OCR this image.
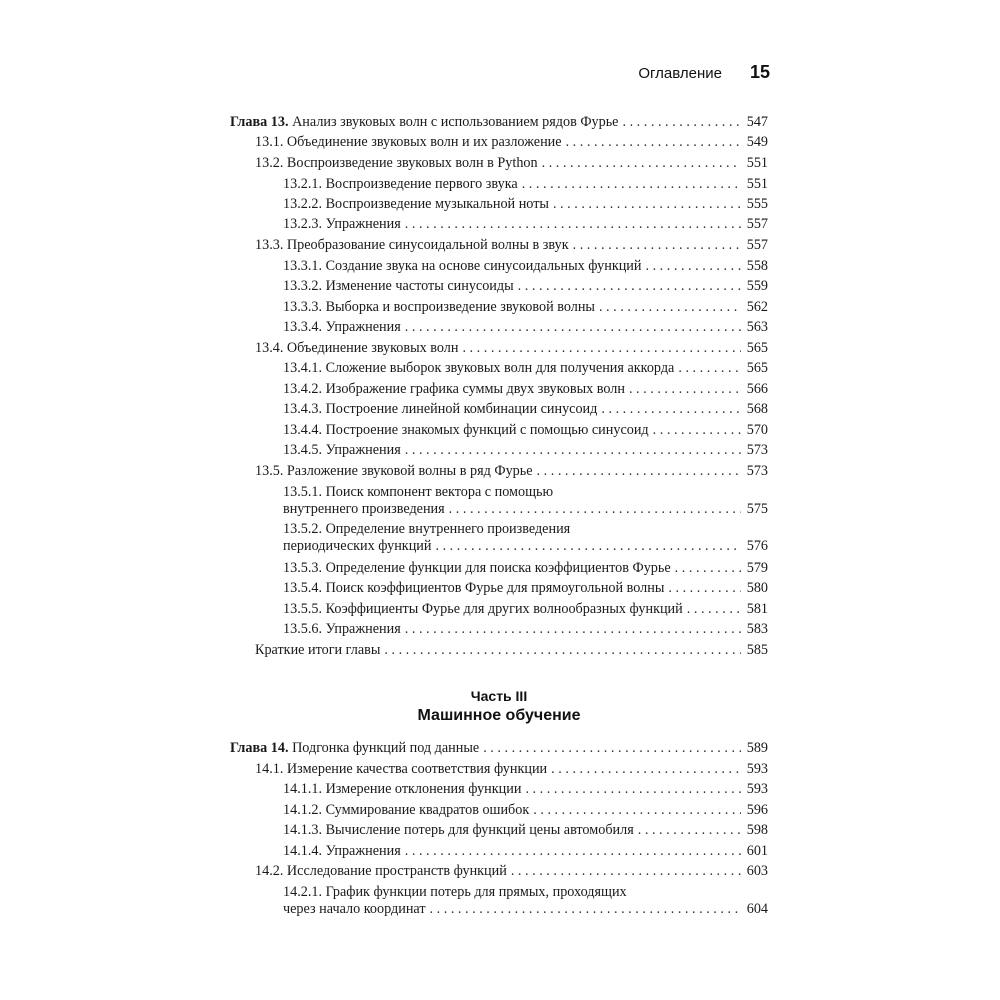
Оглавление 15
Глава 13. Анализ звуковых волн с использованием рядов Фурье . . .	547
13.1. Объединение звуковых волн и их разложение . . .	549
13.2. Воспроизведение звуковых волн в Python . . .	551
13.2.1. Воспроизведение первого звука . . .	551
13.2.2. Воспроизведение музыкальной ноты . . .	555
13.2.3. Упражнения . . .	557
13.3. Преобразование синусоидальной волны в звук . . .	557
13.3.1. Создание звука на основе синусоидальных функций . . .	558
13.3.2. Изменение частоты синусоиды . . .	559
13.3.3. Выборка и воспроизведение звуковой волны . . .	562
13.3.4. Упражнения . . .	563
13.4. Объединение звуковых волн . . .	565
13.4.1. Сложение выборок звуковых волн для получения аккорда . . .	565
13.4.2. Изображение графика суммы двух звуковых волн . . .	566
13.4.3. Построение линейной комбинации синусоид . . .	568
13.4.4. Построение знакомых функций с помощью синусоид . . .	570
13.4.5. Упражнения . . .	573
13.5. Разложение звуковой волны в ряд Фурье . . .	573
13.5.1. Поиск компонент вектора с помощью
внутреннего произведения . . .	575
13.5.2. Определение внутреннего произведения
периодических функций . . .	576
13.5.3. Определение функции для поиска коэффициентов Фурье . . .	579
13.5.4. Поиск коэффициентов Фурье для прямоугольной волны . . .	580
13.5.5. Коэффициенты Фурье для других волнообразных функций . . .	581
13.5.6. Упражнения . . .	583
Краткие итоги главы . . .	585
Часть III
Машинное обучение
Глава 14. Подгонка функций под данные . . .	589
14.1. Измерение качества соответствия функции . . .	593
14.1.1. Измерение отклонения функции . . .	593
14.1.2. Суммирование квадратов ошибок . . .	596
14.1.3. Вычисление потерь для функций цены автомобиля . . .	598
14.1.4. Упражнения . . .	601
14.2. Исследование пространств функций . . .	603
14.2.1. График функции потерь для прямых, проходящих
через начало координат . . .	604
